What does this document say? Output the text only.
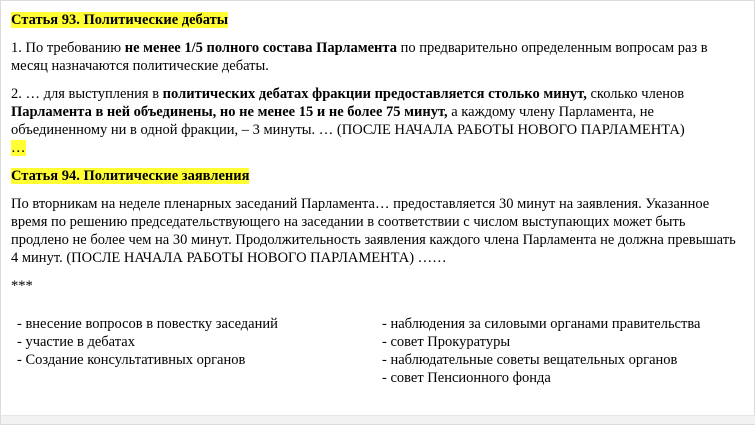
Статья 93. Политические дебаты

1. По требованию не менее 1/5 полного состава Парламента по предварительно определенным вопросам раз в месяц назначаются политические дебаты.

2. … для выступления в политических дебатах фракции предоставляется столько минут, сколько членов Парламента в ней объединены, но не менее 15 и не более 75 минут, а каждому члену Парламента, не объединенному ни в одной фракции, – 3 минуты. … (ПОСЛЕ НАЧАЛА РАБОТЫ НОВОГО ПАРЛАМЕНТА)
…

Статья 94. Политические заявления

По вторникам на неделе пленарных заседаний Парламента… предоставляется 30 минут на заявления. Указанное время по решению председательствующего на заседании в соответствии с числом выступающих может быть продлено не более чем на 30 минут. Продолжительность заявления каждого члена Парламента не должна превышать 4 минут. (ПОСЛЕ НАЧАЛА РАБОТЫ НОВОГО ПАРЛАМЕНТА) ……

***
- внесение вопросов в повестку заседаний
- участие в дебатах
- Создание консультативных органов
- наблюдения за силовыми органами правительства
- совет Прокуратуры
- наблюдательные советы вещательных органов
- совет Пенсионного фонда
